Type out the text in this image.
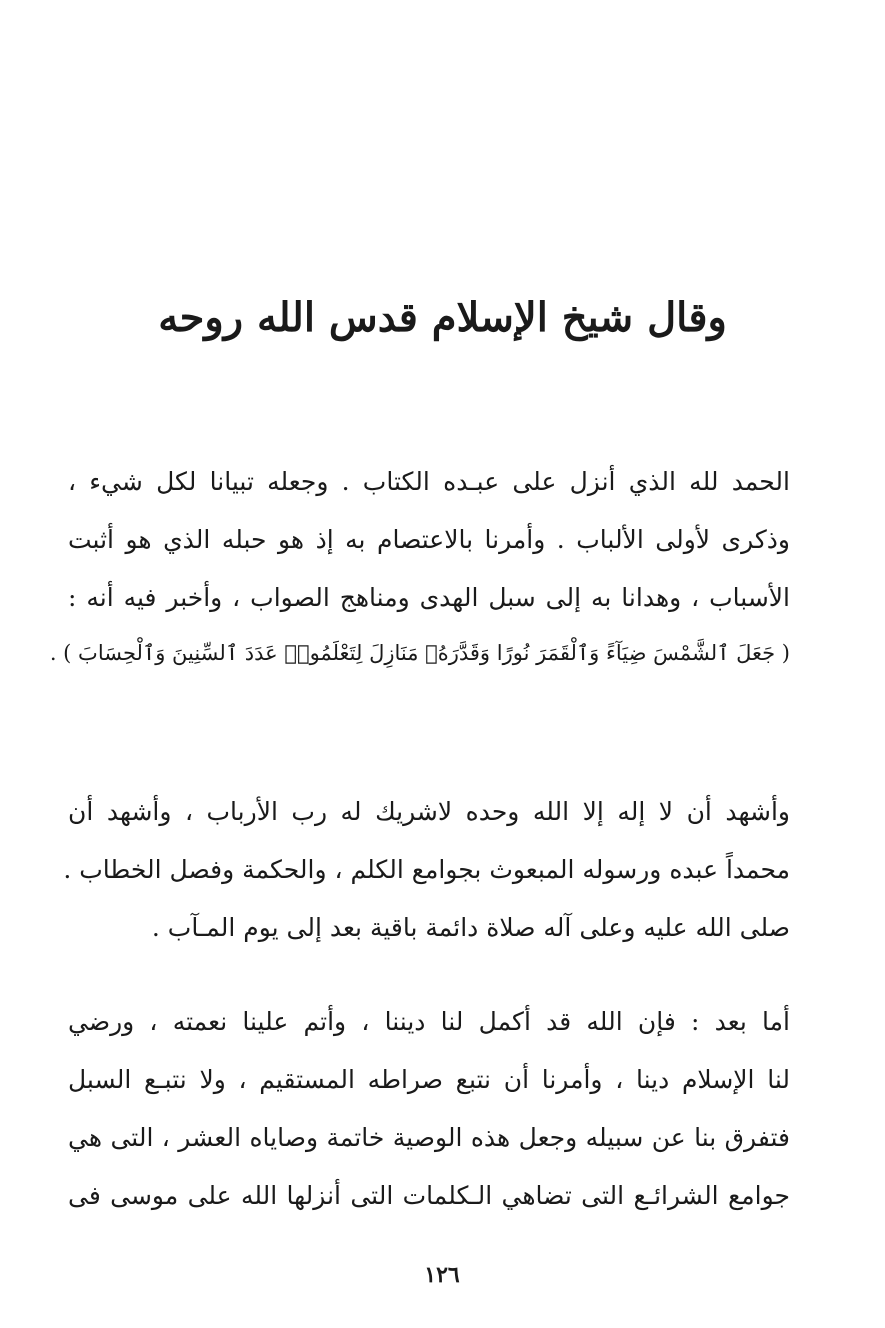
وقال شيخ الإسلام قدس الله روحه
الحمد لله الذي أنزل على عبـده الكتاب . وجعله تبيانا لكل شيء ،
وذكرى لأولى الألباب . وأمرنا بالاعتصام به إذ هو حبله الذي هو أثبت
الأسباب ، وهدانا به إلى سبل الهدى ومناهج الصواب ، وأخبر فيه أنه :
( جَعَلَ ٱلشَّمْسَ ضِيَآءً وَٱلْقَمَرَ نُورًا وَقَدَّرَهُۥ مَنَازِلَ لِتَعْلَمُوا۟ عَدَدَ ٱلسِّنِينَ وَٱلْحِسَابَ ) .
وأشهد أن لا إله إلا الله وحده لاشريك له رب الأرباب ، وأشهد أن
محمداً عبده ورسوله المبعوث بجوامع الكلم ، والحكمة وفصل الخطاب .
صلى الله عليه وعلى آله صلاة دائمة باقية بعد إلى يوم المـآب .
أما بعد : فإن الله قد أكمل لنا ديننا ، وأتم علينا نعمته ، ورضي
لنا الإسلام دينا ، وأمرنا أن نتبع صراطه المستقيم ، ولا نتبـع السبل
فتفرق بنا عن سبيله وجعل هذه الوصية خاتمة وصاياه العشر ، التى هي
جوامع الشرائـع التى تضاهي الـكلمات التى أنزلها الله على موسى فى
١٢٦
